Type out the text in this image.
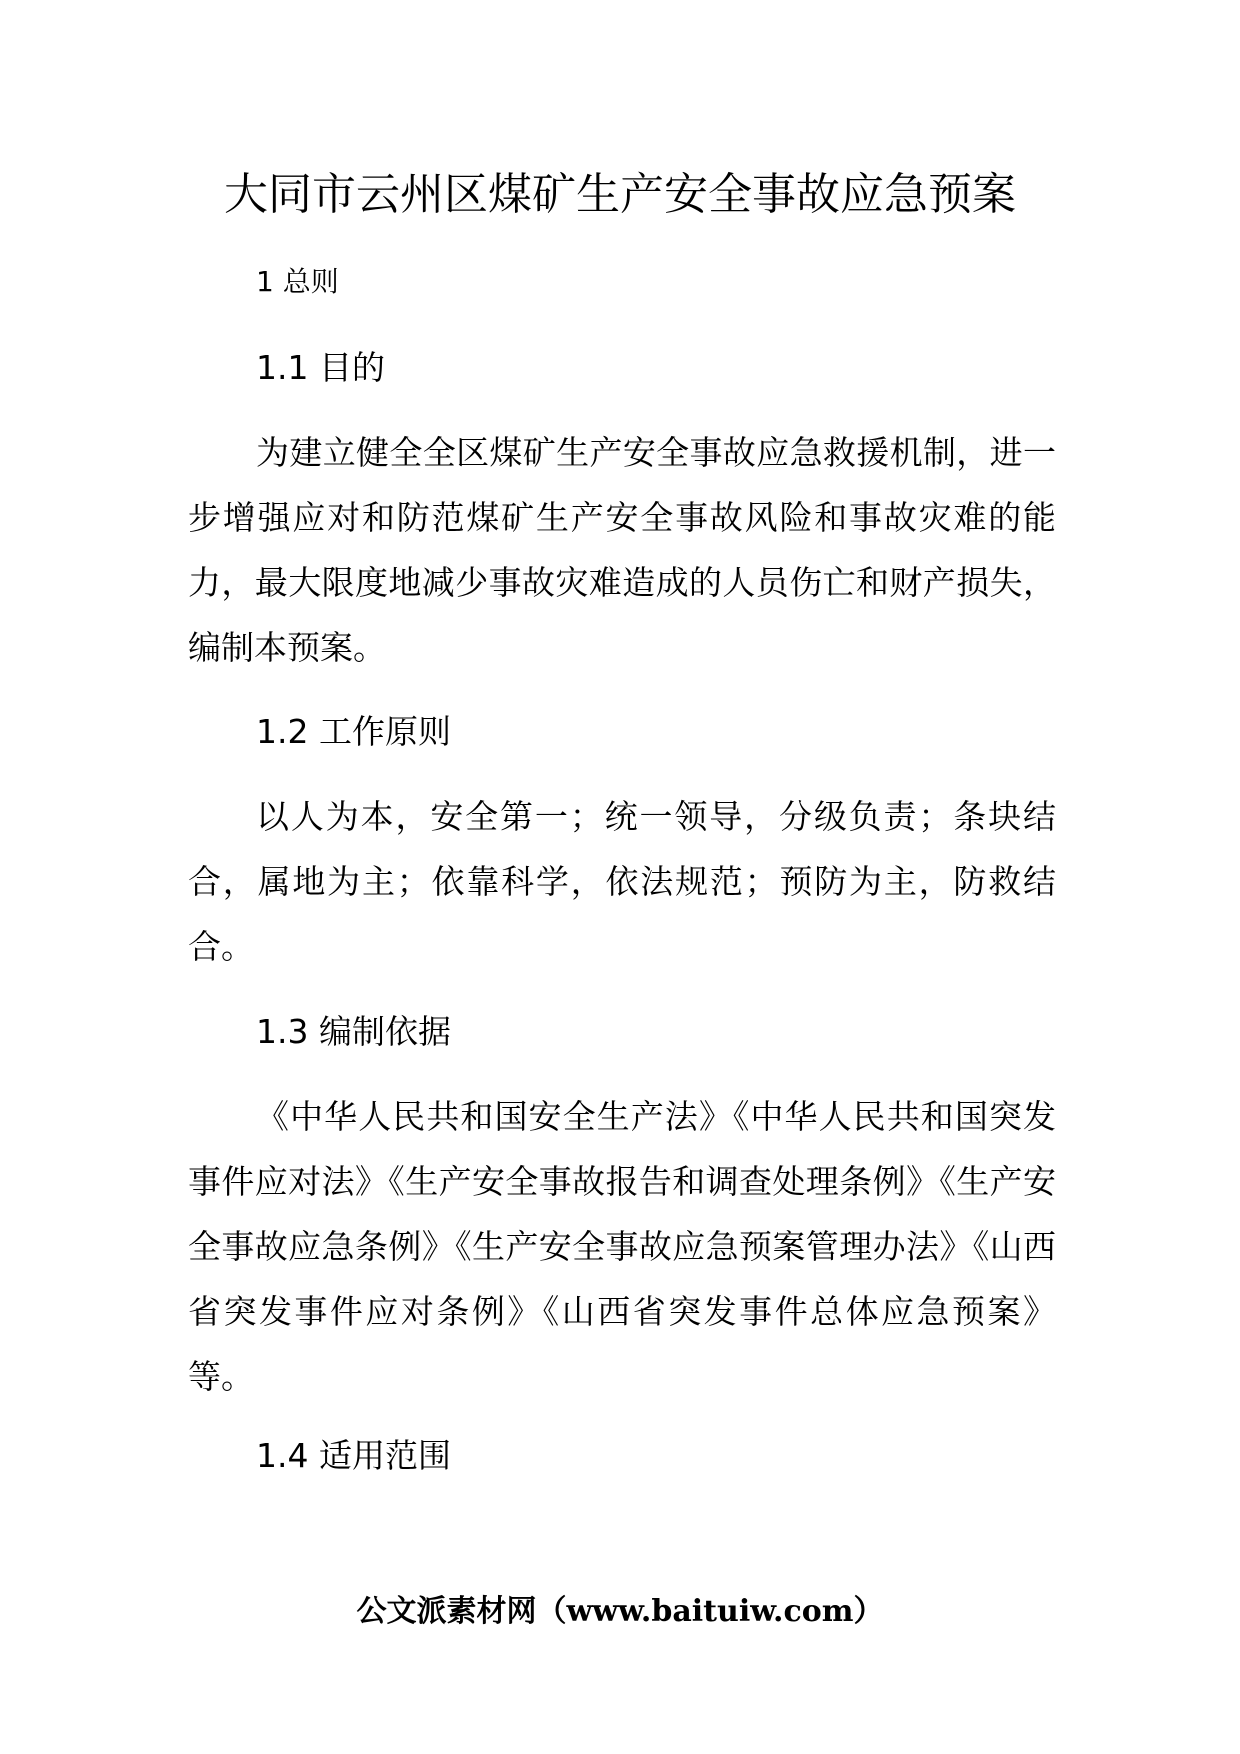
大同市云州区煤矿生产安全事故应急预案
1 总则
1.1 目的

为建立健全全区煤矿生产安全事故应急救援机制，进一步增强应对和防范煤矿生产安全事故风险和事故灾难的能力，最大限度地减少事故灾难造成的人员伤亡和财产损失，编制本预案。

1.2 工作原则

以人为本，安全第一；统一领导，分级负责；条块结合，属地为主；依靠科学，依法规范；预防为主，防救结合。

1.3 编制依据

《中华人民共和国安全生产法》《中华人民共和国突发事件应对法》《生产安全事故报告和调查处理条例》《生产安全事故应急条例》《生产安全事故应急预案管理办法》《山西省突发事件应对条例》《山西省突发事件总体应急预案》等。

1.4 适用范围
公文派素材网（www.baituiw.com）
